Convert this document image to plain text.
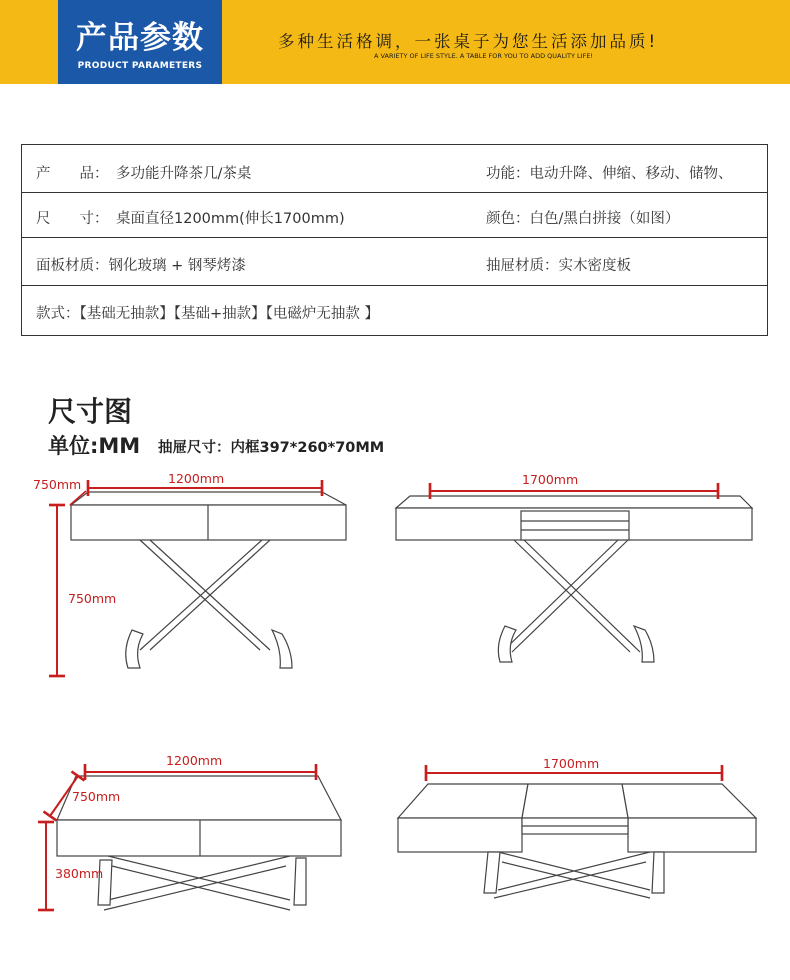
产品参数
PRODUCT PARAMETERS
多种生活格调，一张桌子为您生活添加品质!
A VARIETY OF LIFE STYLE. A TABLE FOR YOU TO ADD QUALITY LIFE!
产　　品： 多功能升降茶几/茶桌	功能：电动升降、伸缩、移动、储物、
尺　　寸： 桌面直径1200mm(伸长1700mm)	颜色：白色/黑白拼接（如图）
面板材质：钢化玻璃 + 钢琴烤漆	抽屉材质：实木密度板
款式：【基础无抽款】【基础+抽款】【电磁炉无抽款 】
尺寸图
单位:MM 抽屉尺寸：内框397*260*70MM
1200mm
750mm
750mm
1700mm
1200mm
750mm
380mm
1700mm
